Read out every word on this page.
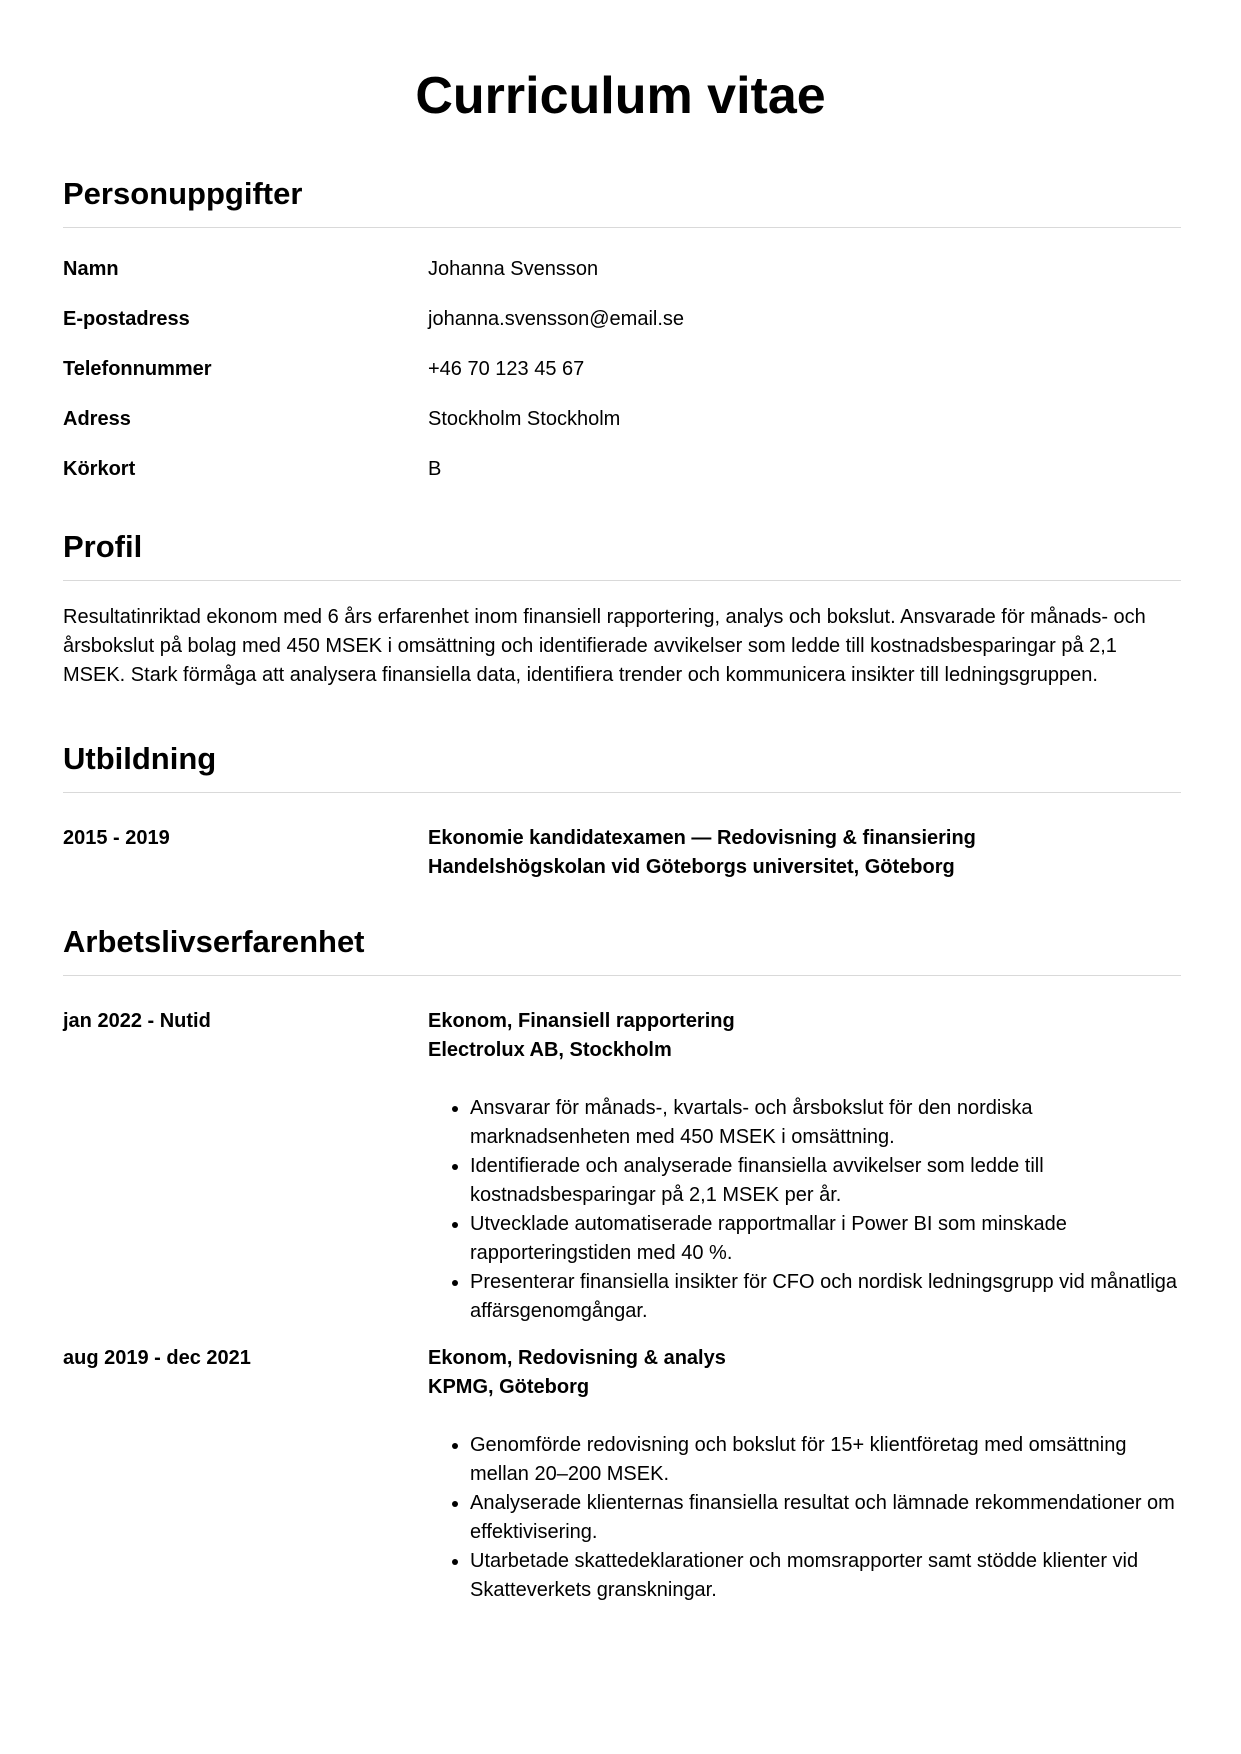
Curriculum vitae
Personuppgifter
Namn	Johanna Svensson
E-postadress	johanna.svensson@email.se
Telefonnummer	+46 70 123 45 67
Adress	Stockholm Stockholm
Körkort	B
Profil

Resultatinriktad ekonom med 6 års erfarenhet inom finansiell rapportering, analys och bokslut. Ansvarade för månads- och årsbokslut på bolag med 450 MSEK i omsättning och identifierade avvikelser som ledde till kostnadsbesparingar på 2,1 MSEK. Stark förmåga att analysera finansiella data, identifiera trender och kommunicera insikter till ledningsgruppen.

Utbildning
2015 - 2019	Ekonomie kandidatexamen — Redovisning & finansiering
Handelshögskolan vid Göteborgs universitet, Göteborg
Arbetslivserfarenhet
jan 2022 - Nutid	Ekonom, Finansiell rapportering
Electrolux AB, Stockholm
• Ansvarar för månads-, kvartals- och årsbokslut för den nordiska marknadsenheten med 450 MSEK i omsättning.
• Identifierade och analyserade finansiella avvikelser som ledde till kostnadsbesparingar på 2,1 MSEK per år.
• Utvecklade automatiserade rapportmallar i Power BI som minskade rapporteringstiden med 40 %.
• Presenterar finansiella insikter för CFO och nordisk ledningsgrupp vid månatliga affärsgenomgångar.
aug 2019 - dec 2021	Ekonom, Redovisning & analys
KPMG, Göteborg
• Genomförde redovisning och bokslut för 15+ klientföretag med omsättning mellan 20–200 MSEK.
• Analyserade klienternas finansiella resultat och lämnade rekommendationer om effektivisering.
• Utarbetade skattedeklarationer och momsrapporter samt stödde klienter vid Skatteverkets granskningar.
